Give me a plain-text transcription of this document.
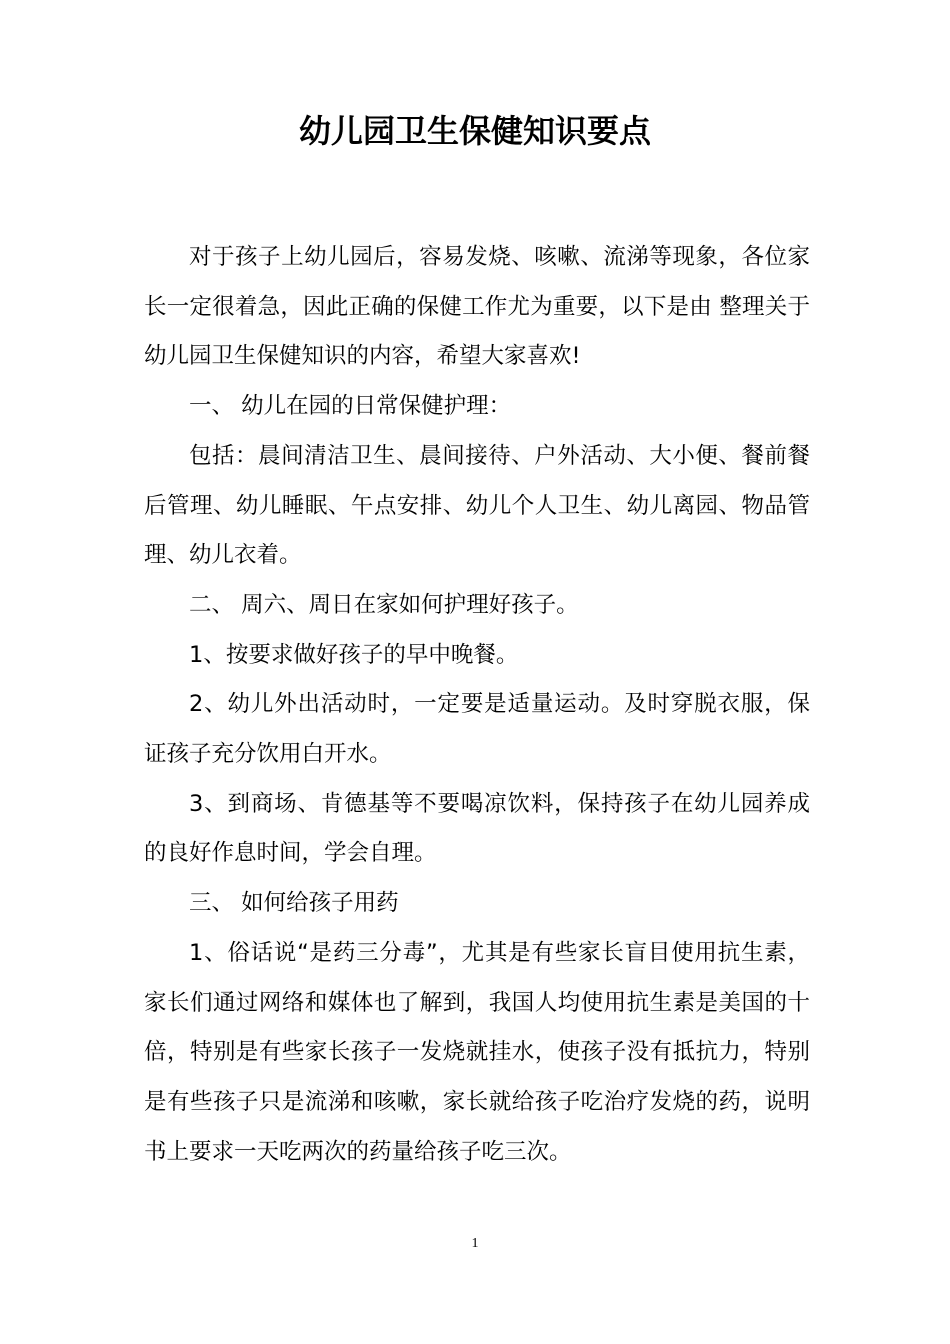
幼儿园卫生保健知识要点

对于孩子上幼儿园后，容易发烧、咳嗽、流涕等现象，各位家长一定很着急，因此正确的保健工作尤为重要，以下是由 整理关于幼儿园卫生保健知识的内容，希望大家喜欢!

一、 幼儿在园的日常保健护理：

包括：晨间清洁卫生、晨间接待、户外活动、大小便、餐前餐后管理、幼儿睡眠、午点安排、幼儿个人卫生、幼儿离园、物品管理、幼儿衣着。

二、 周六、周日在家如何护理好孩子。

1、按要求做好孩子的早中晚餐。

2、幼儿外出活动时，一定要是适量运动。及时穿脱衣服，保证孩子充分饮用白开水。

3、到商场、肯德基等不要喝凉饮料，保持孩子在幼儿园养成的良好作息时间，学会自理。

三、 如何给孩子用药

1、俗话说“是药三分毒”，尤其是有些家长盲目使用抗生素，家长们通过网络和媒体也了解到，我国人均使用抗生素是美国的十倍，特别是有些家长孩子一发烧就挂水，使孩子没有抵抗力，特别是有些孩子只是流涕和咳嗽，家长就给孩子吃治疗发烧的药，说明书上要求一天吃两次的药量给孩子吃三次。

1
